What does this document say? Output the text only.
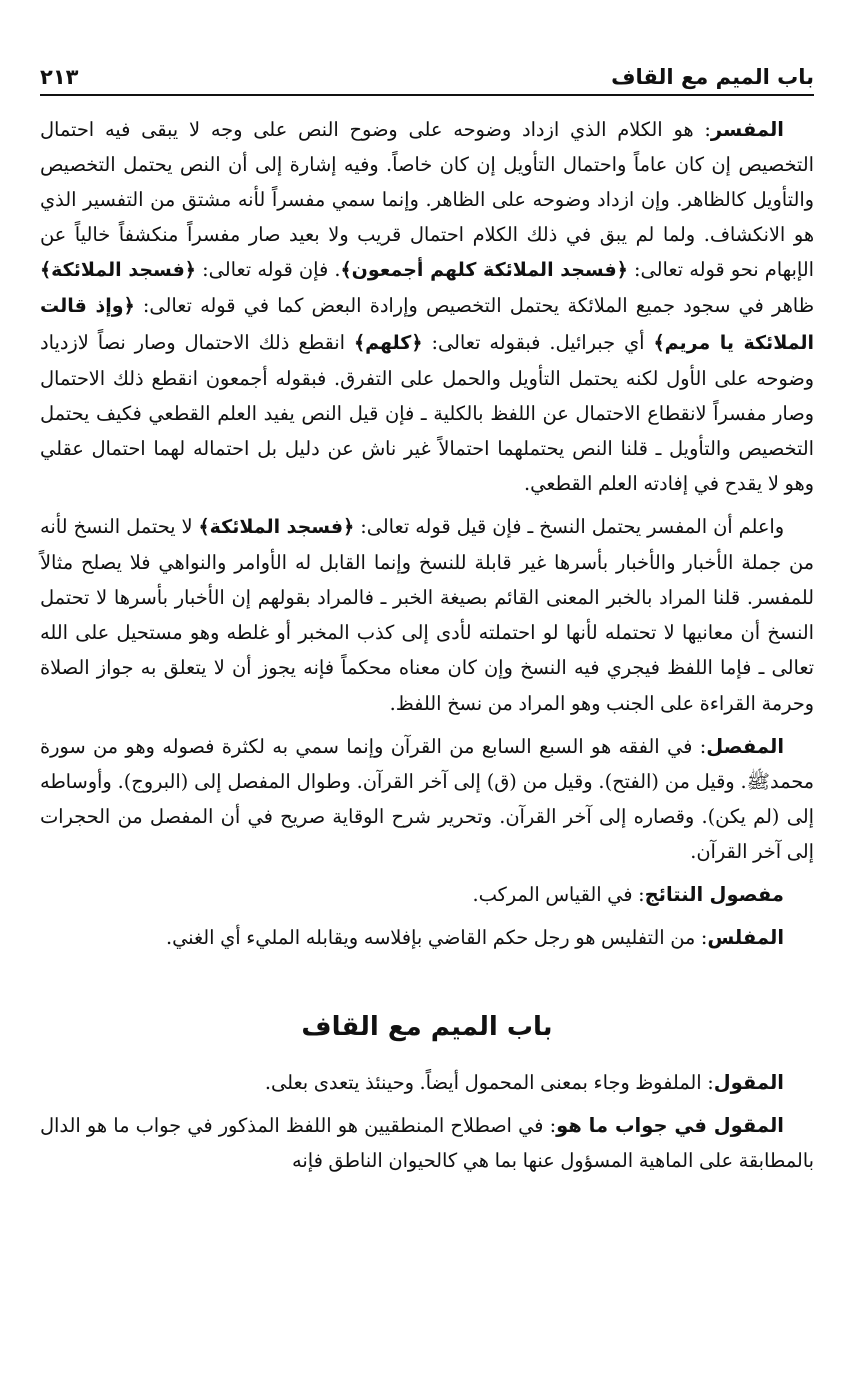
باب الميم مع القاف
٢١٣

المفسر: هو الكلام الذي ازداد وضوحه على وضوح النص على وجه لا يبقى فيه احتمال التخصيص إن كان عاماً واحتمال التأويل إن كان خاصاً. وفيه إشارة إلى أن النص يحتمل التخصيص والتأويل كالظاهر. وإن ازداد وضوحه على الظاهر. وإنما سمي مفسراً لأنه مشتق من التفسير الذي هو الانكشاف. ولما لم يبق في ذلك الكلام احتمال قريب ولا بعيد صار مفسراً منكشفاً خالياً عن الإبهام نحو قوله تعالى: ﴿فسجد الملائكة كلهم أجمعون﴾. فإن قوله تعالى: ﴿فسجد الملائكة﴾ ظاهر في سجود جميع الملائكة يحتمل التخصيص وإرادة البعض كما في قوله تعالى: ﴿وإذ قالت الملائكة يا مريم﴾ أي جبرائيل. فبقوله تعالى: ﴿كلهم﴾ انقطع ذلك الاحتمال وصار نصاً لازدياد وضوحه على الأول لكنه يحتمل التأويل والحمل على التفرق. فبقوله أجمعون انقطع ذلك الاحتمال وصار مفسراً لانقطاع الاحتمال عن اللفظ بالكلية ـ فإن قيل النص يفيد العلم القطعي فكيف يحتمل التخصيص والتأويل ـ قلنا النص يحتملهما احتمالاً غير ناش عن دليل بل احتماله لهما احتمال عقلي وهو لا يقدح في إفادته العلم القطعي.

واعلم أن المفسر يحتمل النسخ ـ فإن قيل قوله تعالى: ﴿فسجد الملائكة﴾ لا يحتمل النسخ لأنه من جملة الأخبار والأخبار بأسرها غير قابلة للنسخ وإنما القابل له الأوامر والنواهي فلا يصلح مثالاً للمفسر. قلنا المراد بالخبر المعنى القائم بصيغة الخبر ـ فالمراد بقولهم إن الأخبار بأسرها لا تحتمل النسخ أن معانيها لا تحتمله لأنها لو احتملته لأدى إلى كذب المخبر أو غلطه وهو مستحيل على الله تعالى ـ فإما اللفظ فيجري فيه النسخ وإن كان معناه محكماً فإنه يجوز أن لا يتعلق به جواز الصلاة وحرمة القراءة على الجنب وهو المراد من نسخ اللفظ.

المفصل: في الفقه هو السبع السابع من القرآن وإنما سمي به لكثرة فصوله وهو من سورة محمدﷺ. وقيل من (الفتح). وقيل من (ق) إلى آخر القرآن. وطوال المفصل إلى (البروج). وأوساطه إلى (لم يكن). وقصاره إلى آخر القرآن. وتحرير شرح الوقاية صريح في أن المفصل من الحجرات إلى آخر القرآن.

مفصول النتائج: في القياس المركب.

المفلس: من التفليس هو رجل حكم القاضي بإفلاسه ويقابله المليء أي الغني.

باب الميم مع القاف

المقول: الملفوظ وجاء بمعنى المحمول أيضاً. وحينئذ يتعدى بعلى.

المقول في جواب ما هو: في اصطلاح المنطقيين هو اللفظ المذكور في جواب ما هو الدال بالمطابقة على الماهية المسؤول عنها بما هي كالحيوان الناطق فإنه
